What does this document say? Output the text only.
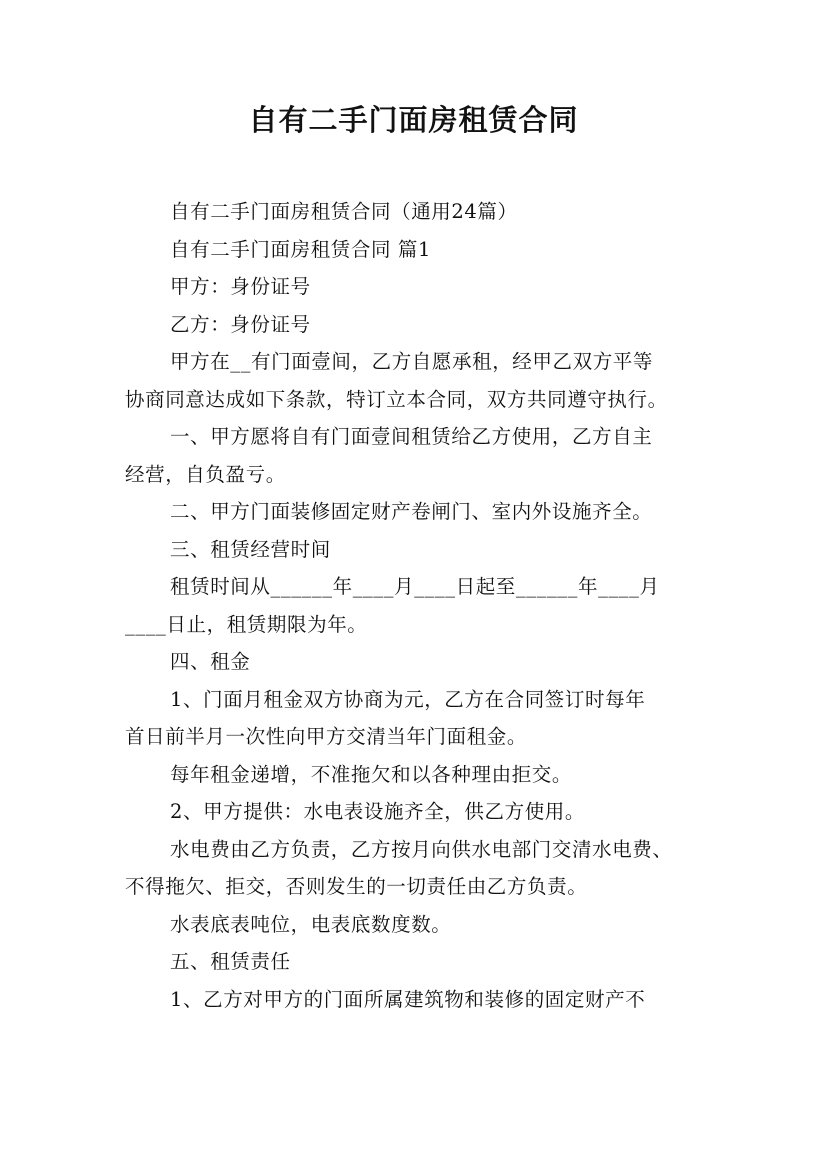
自有二手门面房租赁合同
自有二手门面房租赁合同（通用24篇）
自有二手门面房租赁合同 篇1
甲方：身份证号
乙方：身份证号
甲方在__有门面壹间，乙方自愿承租，经甲乙双方平等
协商同意达成如下条款，特订立本合同，双方共同遵守执行。
一、甲方愿将自有门面壹间租赁给乙方使用，乙方自主
经营，自负盈亏。
二、甲方门面装修固定财产卷闸门、室内外设施齐全。
三、租赁经营时间
租赁时间从______年____月____日起至______年____月
____日止，租赁期限为年。
四、租金
1、门面月租金双方协商为元，乙方在合同签订时每年
首日前半月一次性向甲方交清当年门面租金。
每年租金递增，不准拖欠和以各种理由拒交。
2、甲方提供：水电表设施齐全，供乙方使用。
水电费由乙方负责，乙方按月向供水电部门交清水电费、
不得拖欠、拒交，否则发生的一切责任由乙方负责。
水表底表吨位，电表底数度数。
五、租赁责任
1、乙方对甲方的门面所属建筑物和装修的固定财产不
